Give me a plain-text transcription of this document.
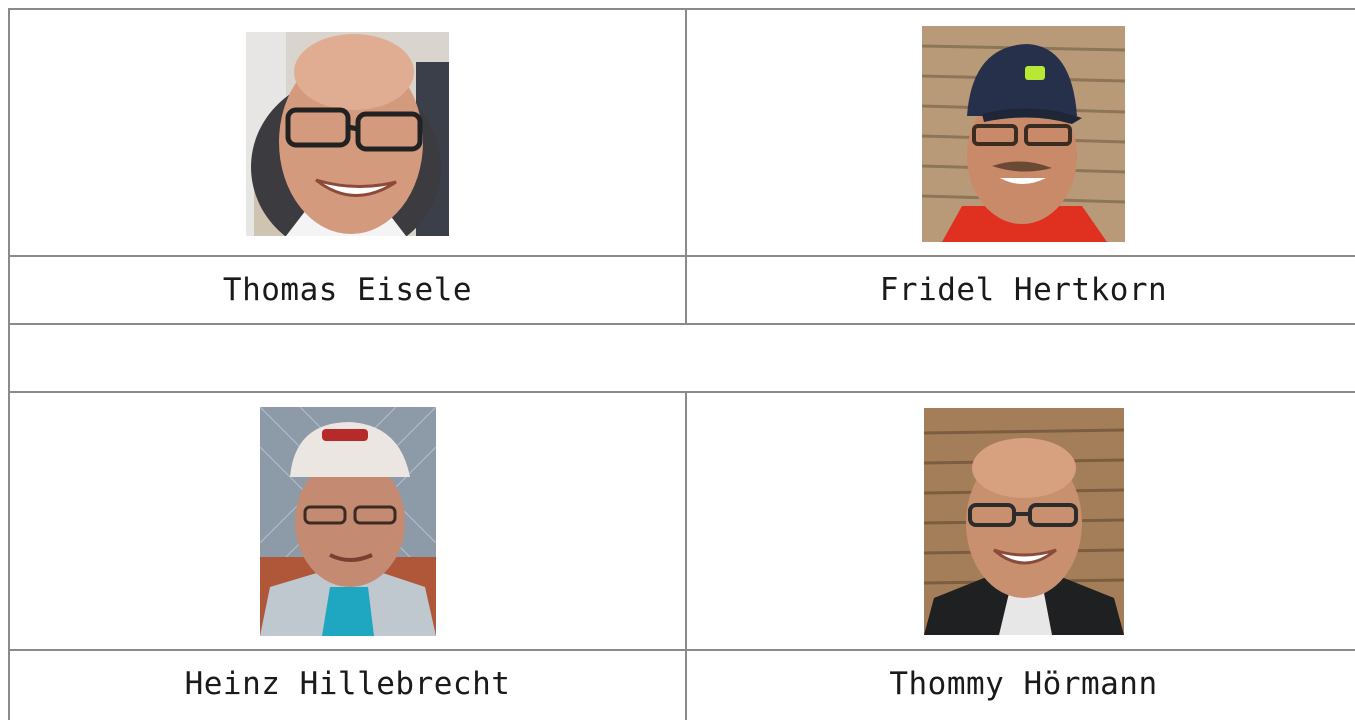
Thomas Eisele	Fridel Hertkorn
Heinz Hillebrecht	Thommy Hörmann
